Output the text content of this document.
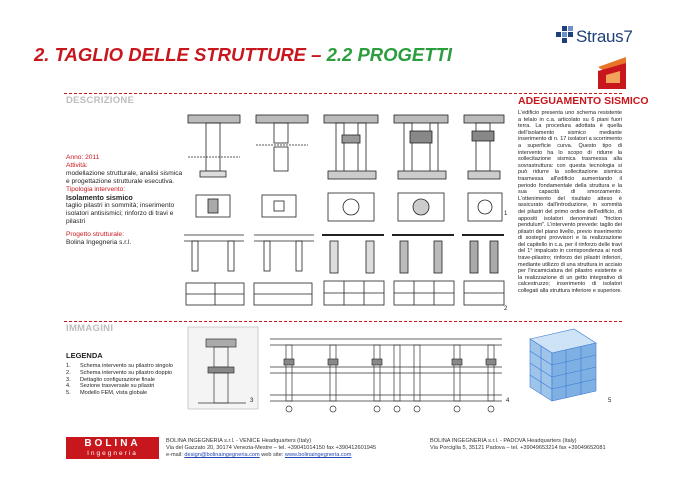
2. TAGLIO DELLE STRUTTURE – 2.2 PROGETTI
Straus7
DESCRIZIONE
IMMAGINI
Anno: 2011
Attività:
modellazione strutturale, analisi sismica e progettazione strutturale esecutiva.
Tipologia intervento:
Isolamento sismico
taglio pilastri in sommità; inserimento isolatori antisismici; rinforzo di travi e pilastri
Progetto strutturale:
Bolina Ingegneria s.r.l.
1
2
ADEGUAMENTO SISMICO
L'edificio presenta uno schema resistente a telaio in c.a. articolato su 6 piani fuori terra. La procedura adottata è quella dell'isolamento sismico mediante inserimento di n. 17 isolatori a scorrimento a superficie curva. Questo tipo di intervento ha lo scopo di ridurre la sollecitazione sismica trasmessa alla sovrastruttura: con questa tecnologia si può ridurre la sollecitazione sismica trasmessa all'edificio aumentando il periodo fondamentale della struttura e la sua capacità di smorzamento. L'ottenimento del risultato atteso è assicurato dall'introduzione, in sommità dei pilastri del primo ordine dell'edificio, di appositi isolatori denominati "friction pendulum". L'intervento prevede: taglio dei pilastri del piano livello, previo inserimento di sostegni provvisori e la realizzazione del capitello in c.a. per il rinforzo delle travi del 1° impalcato in corrispondenza ai nodi trave-pilastro; rinforzo dei pilastri inferiori, mediante utilizzo di una struttura in acciaio per l'incamiciatura del pilastro esistente e la realizzazione di un getto integrativo di calcestruzzo; inserimento di isolatori collegati alla struttura inferiore e superiore.
LEGENDA
1.	Schema intervento su pilastro singolo
2.	Schema intervento su pilastro doppio
3.	Dettaglio configurazione finale
4.	Sezione trasversale su pilastri
5.	Modello FEM, vista globale
3	4	5
BOLINA
Ingegneria
BOLINA INGEGNERIA s.r.l. - VENICE Headquarters (Italy)
Via del Gazzato 20, 30174 Venezia-Mestre – tel. +39041014150 fax +390412601945
e-mail: design@bolinaingegneria.com web site: www.bolinaingegneria.com
BOLINA INGEGNERIA s.r.l. - PADOVA Headquarters (Italy)
Via Porciglia 5, 35121 Padova – tel. +39049653214 fax +39049652081
